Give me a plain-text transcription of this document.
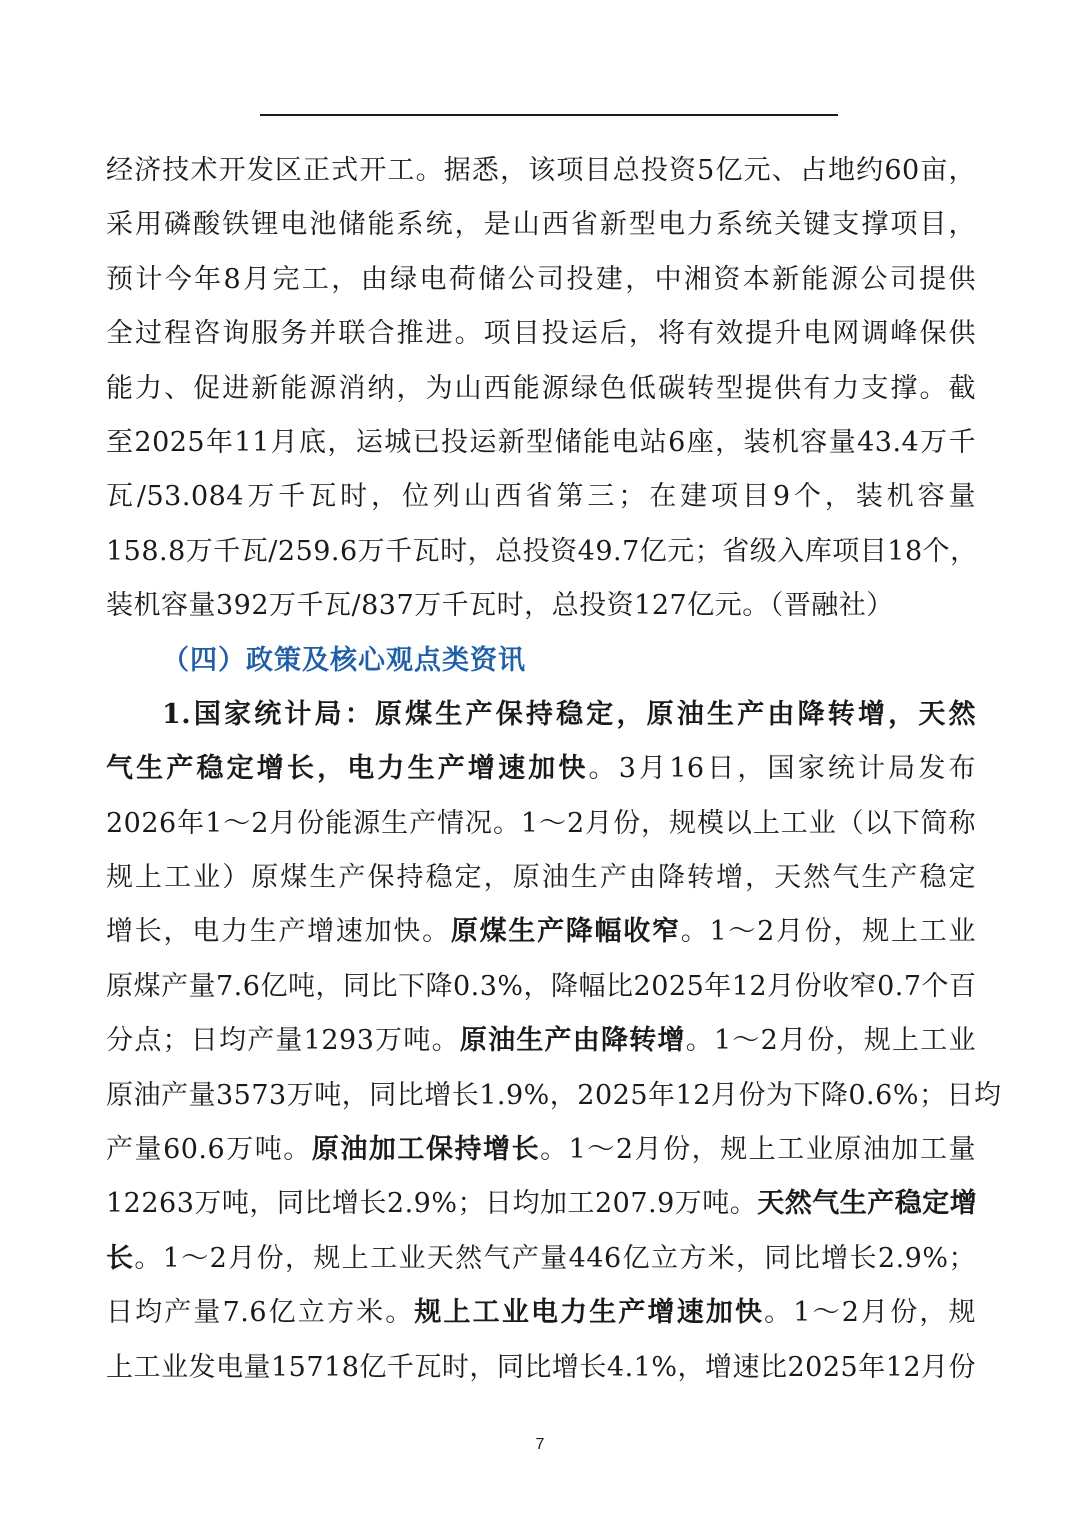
经济技术开发区正式开工。据悉，该项目总投资5亿元、占地约60亩，
采用磷酸铁锂电池储能系统，是山西省新型电力系统关键支撑项目，
预计今年8月完工，由绿电荷储公司投建，中湘资本新能源公司提供
全过程咨询服务并联合推进。项目投运后，将有效提升电网调峰保供
能力、促进新能源消纳，为山西能源绿色低碳转型提供有力支撑。截
至2025年11月底，运城已投运新型储能电站6座，装机容量43.4万千
瓦/53.084万千瓦时，位列山西省第三；在建项目9个，装机容量
158.8万千瓦/259.6万千瓦时，总投资49.7亿元；省级入库项目18个，
装机容量392万千瓦/837万千瓦时，总投资127亿元。（晋融社）
（四）政策及核心观点类资讯
1.国家统计局：原煤生产保持稳定，原油生产由降转增，天然
气生产稳定增长，电力生产增速加快。3月16日，国家统计局发布
2026年1～2月份能源生产情况。1～2月份，规模以上工业（以下简称
规上工业）原煤生产保持稳定，原油生产由降转增，天然气生产稳定
增长，电力生产增速加快。原煤生产降幅收窄。1～2月份，规上工业
原煤产量7.6亿吨，同比下降0.3%，降幅比2025年12月份收窄0.7个百
分点；日均产量1293万吨。原油生产由降转增。1～2月份，规上工业
原油产量3573万吨，同比增长1.9%，2025年12月份为下降0.6%；日均
产量60.6万吨。原油加工保持增长。1～2月份，规上工业原油加工量
12263万吨，同比增长2.9%；日均加工207.9万吨。天然气生产稳定增
长。1～2月份，规上工业天然气产量446亿立方米，同比增长2.9%；
日均产量7.6亿立方米。规上工业电力生产增速加快。1～2月份，规
上工业发电量15718亿千瓦时，同比增长4.1%，增速比2025年12月份
7
